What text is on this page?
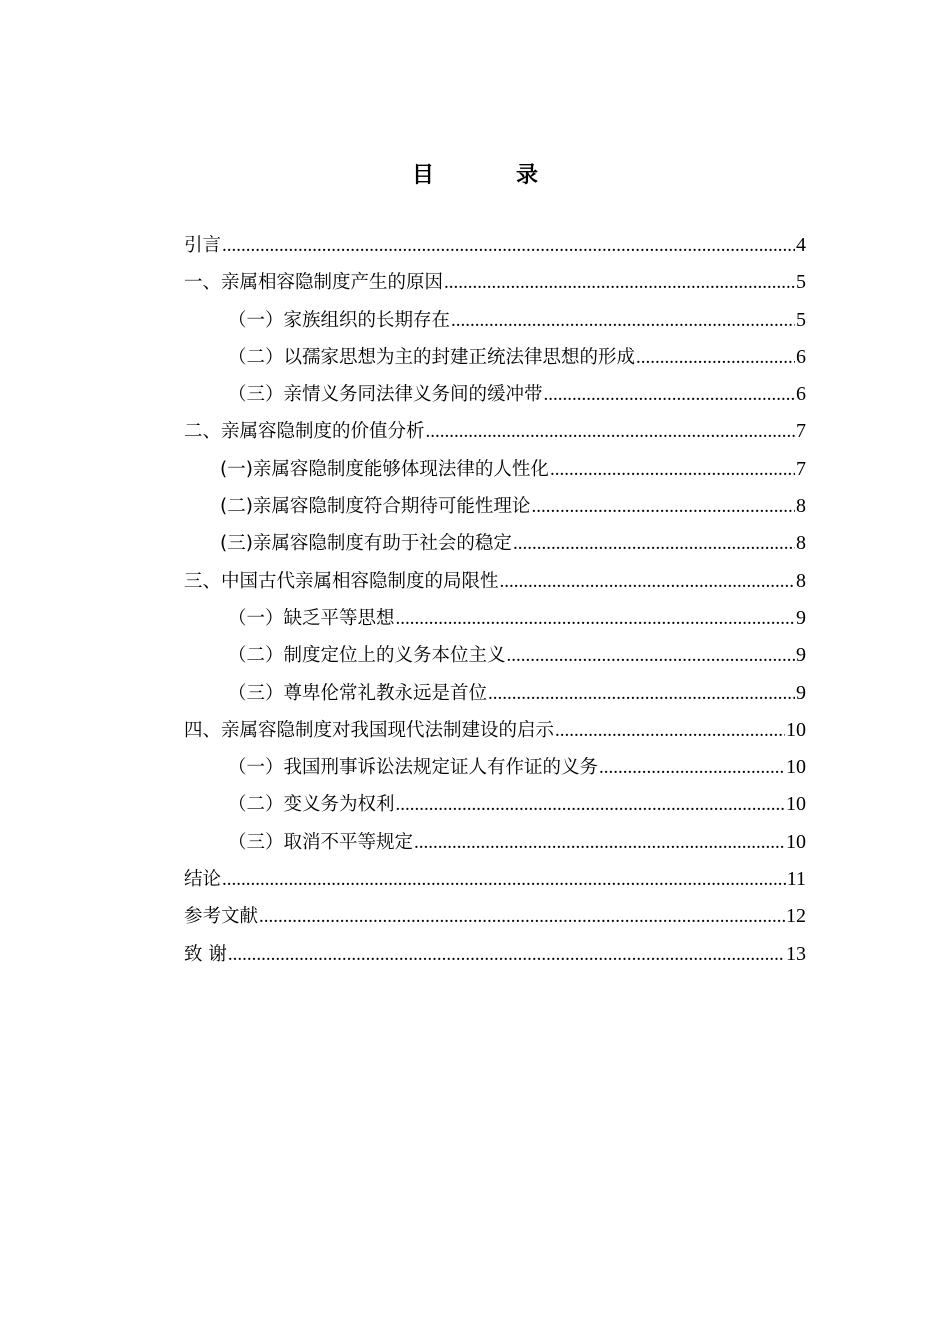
目　录
引言 .....	4
一、亲属相容隐制度产生的原因 .....	5
（一）家族组织的长期存在 .....	5
（二）以孺家思想为主的封建正统法律思想的形成 .....	6
（三）亲情义务同法律义务间的缓冲带 .....	6
二、亲属容隐制度的价值分析 .....	7
(一)亲属容隐制度能够体现法律的人性化 .....	7
(二)亲属容隐制度符合期待可能性理论 .....	8
(三)亲属容隐制度有助于社会的稳定 .....	8
三、中国古代亲属相容隐制度的局限性 .....	8
（一）缺乏平等思想 .....	9
（二）制度定位上的义务本位主义 .....	9
（三）尊卑伦常礼教永远是首位 .....	9
四、亲属容隐制度对我国现代法制建设的启示 .....	10
（一）我国刑事诉讼法规定证人有作证的义务 .....	10
（二）变义务为权利 .....	10
（三）取消不平等规定 .....	10
结论 .....	11
参考文献 .....	12
致 谢 .....	13
